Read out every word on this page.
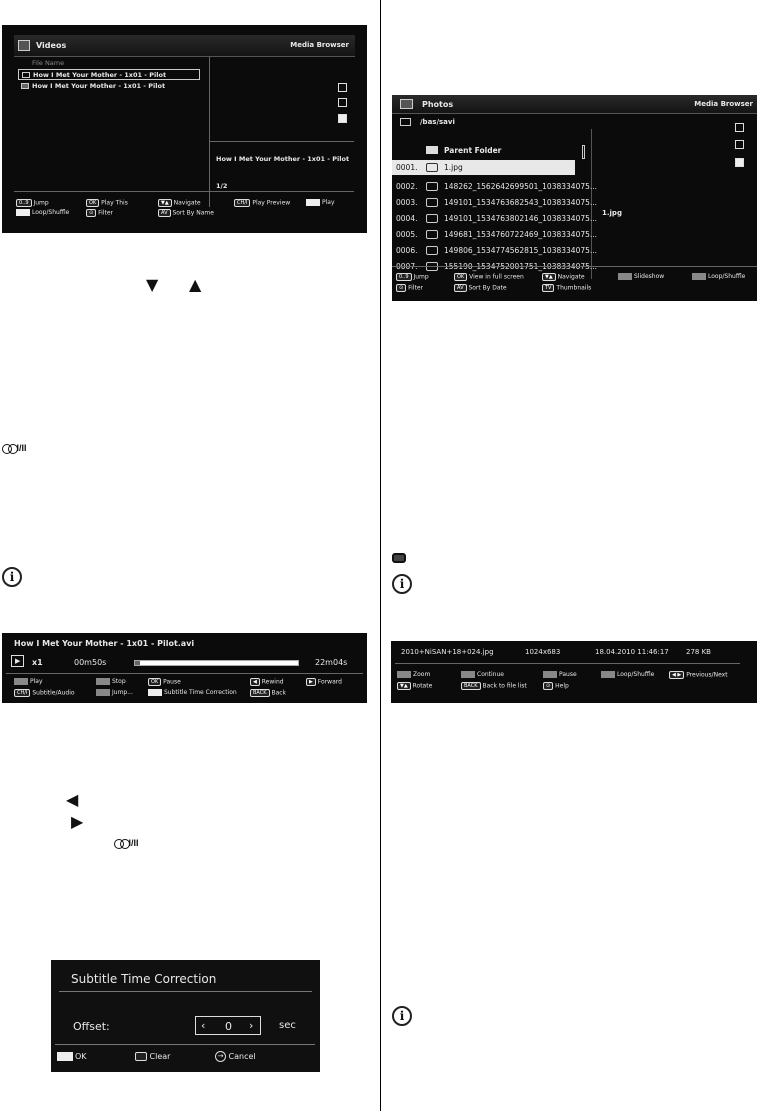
Videos	Media Browser
File Name
How I Met Your Mother - 1x01 - Pilot
How I Met Your Mother - 1x01 - Pilot
How I Met Your Mother - 1x01 - Pilot
1/2
0..9 Jump	OK Play This	▼▲ Navigate	CH/I Play Preview	Play
Loop/Shuffle	⊙ Filter	AV Sort By Name
▼ ▲
I/II
i
Photos	Media Browser
/bas/savi
Parent Folder
0001.	1.jpg
0002.	148262_1562642699501_1038334075...
0003.	149101_1534763682543_1038334075...
0004.	149101_1534763802146_1038334075...
0005.	149681_1534760722469_1038334075...
0006.	149806_1534774562815_1038334075...
1.jpg
0..9 Jump	OK View in full screen	▼▲ Navigate	Slideshow	Loop/Shuffle
⊙ Filter	AV Sort By Date	TV Thumbnails
i
How I Met Your Mother - 1x01 - Pilot.avi
▶ x1	00m50s	22m04s
Play	Stop	OK Pause	◀ Rewind	▶ Forward
CH/I Subtitle/Audio	Jump...	Subtitle Time Correction	BACK Back
2010+NiSAN+18+024.jpg	1024x683	18.04.2010 11:46:17 278 KB
Zoom	Continue	Pause	Loop/Shuffle	◀ ▶ Previous/Next
▼▲ Rotate	BACK Back to file list	⊙ Help
◀
▶
I/II
Subtitle Time Correction
Offset:	‹ 0 ›	sec
OK	Clear	→ Cancel
i
